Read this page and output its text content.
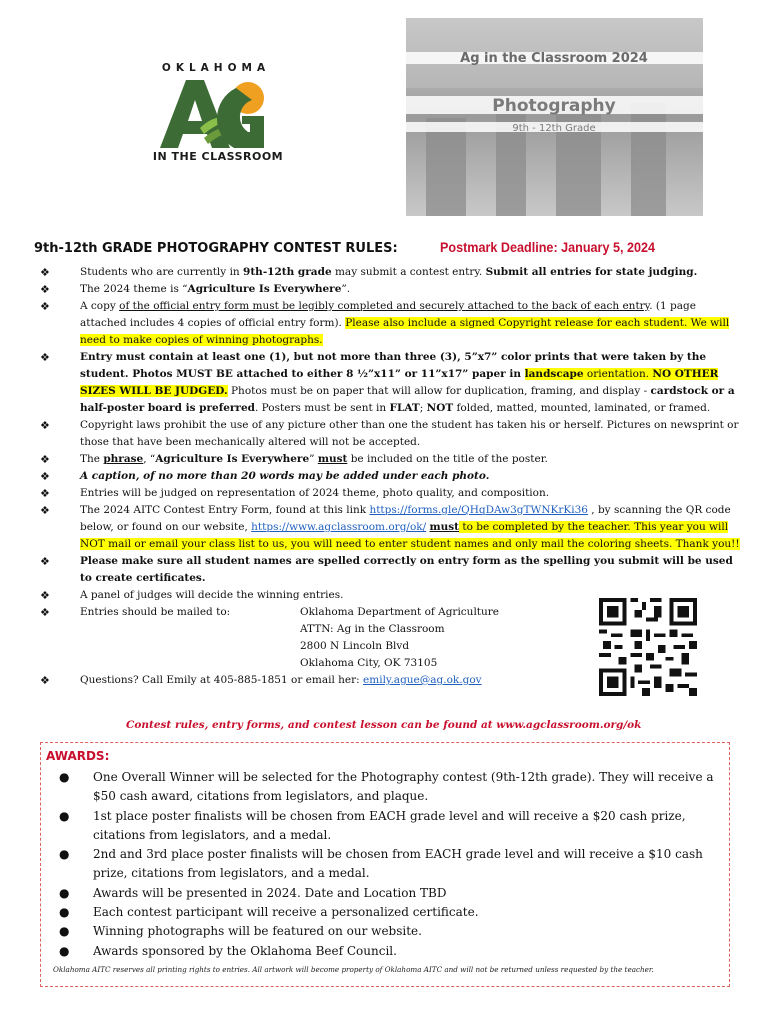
OKLAHOMA
IN THE CLASSROOM
Ag in the Classroom 2024
Photography
9th - 12th Grade
9th-12th GRADE PHOTOGRAPHY CONTEST RULES:	Postmark Deadline: January 5, 2024

❖	Students who are currently in 9th-12th grade may submit a contest entry. Submit all entries for state judging.

❖	The 2024 theme is “Agriculture Is Everywhere”.

❖	A copy of the official entry form must be legibly completed and securely attached to the back of each entry. (1 page attached includes 4 copies of official entry form). Please also include a signed Copyright release for each student. We will need to make copies of winning photographs.

❖	Entry must contain at least one (1), but not more than three (3), 5”x7” color prints that were taken by the student. Photos MUST BE attached to either 8 ½”x11” or 11”x17” paper in landscape orientation. NO OTHER SIZES WILL BE JUDGED. Photos must be on paper that will allow for duplication, framing, and display - cardstock or a half-poster board is preferred. Posters must be sent in FLAT; NOT folded, matted, mounted, laminated, or framed.

❖	Copyright laws prohibit the use of any picture other than one the student has taken his or herself. Pictures on newsprint or those that have been mechanically altered will not be accepted.

❖	The phrase, “Agriculture Is Everywhere” must be included on the title of the poster.

❖	A caption, of no more than 20 words may be added under each photo.

❖	Entries will be judged on representation of 2024 theme, photo quality, and composition.

❖	The 2024 AITC Contest Entry Form, found at this link https://forms.gle/QHqDAw3gTWNKrKi36 , by scanning the QR code below, or found on our website, https://www.agclassroom.org/ok/ must to be completed by the teacher. This year you will NOT mail or email your class list to us, you will need to enter student names and only mail the coloring sheets. Thank you!!

❖	Please make sure all student names are spelled correctly on entry form as the spelling you submit will be used to create certificates.

❖	A panel of judges will decide the winning entries.

❖	Entries should be mailed to:	Oklahoma Department of Agriculture
ATTN: Ag in the Classroom
2800 N Lincoln Blvd
Oklahoma City, OK 73105

❖	Questions? Call Emily at 405-885-1851 or email her: emily.ague@ag.ok.gov

Contest rules, entry forms, and contest lesson can be found at www.agclassroom.org/ok
AWARDS:

● One Overall Winner will be selected for the Photography contest (9th-12th grade). They will receive a $50 cash award, citations from legislators, and plaque.

● 1st place poster finalists will be chosen from EACH grade level and will receive a $20 cash prize, citations from legislators, and a medal.

● 2nd and 3rd place poster finalists will be chosen from EACH grade level and will receive a $10 cash prize, citations from legislators, and a medal.

● Awards will be presented in 2024. Date and Location TBD

● Each contest participant will receive a personalized certificate.

● Winning photographs will be featured on our website.

● Awards sponsored by the Oklahoma Beef Council.

Oklahoma AITC reserves all printing rights to entries. All artwork will become property of Oklahoma AITC and will not be returned unless requested by the teacher.
